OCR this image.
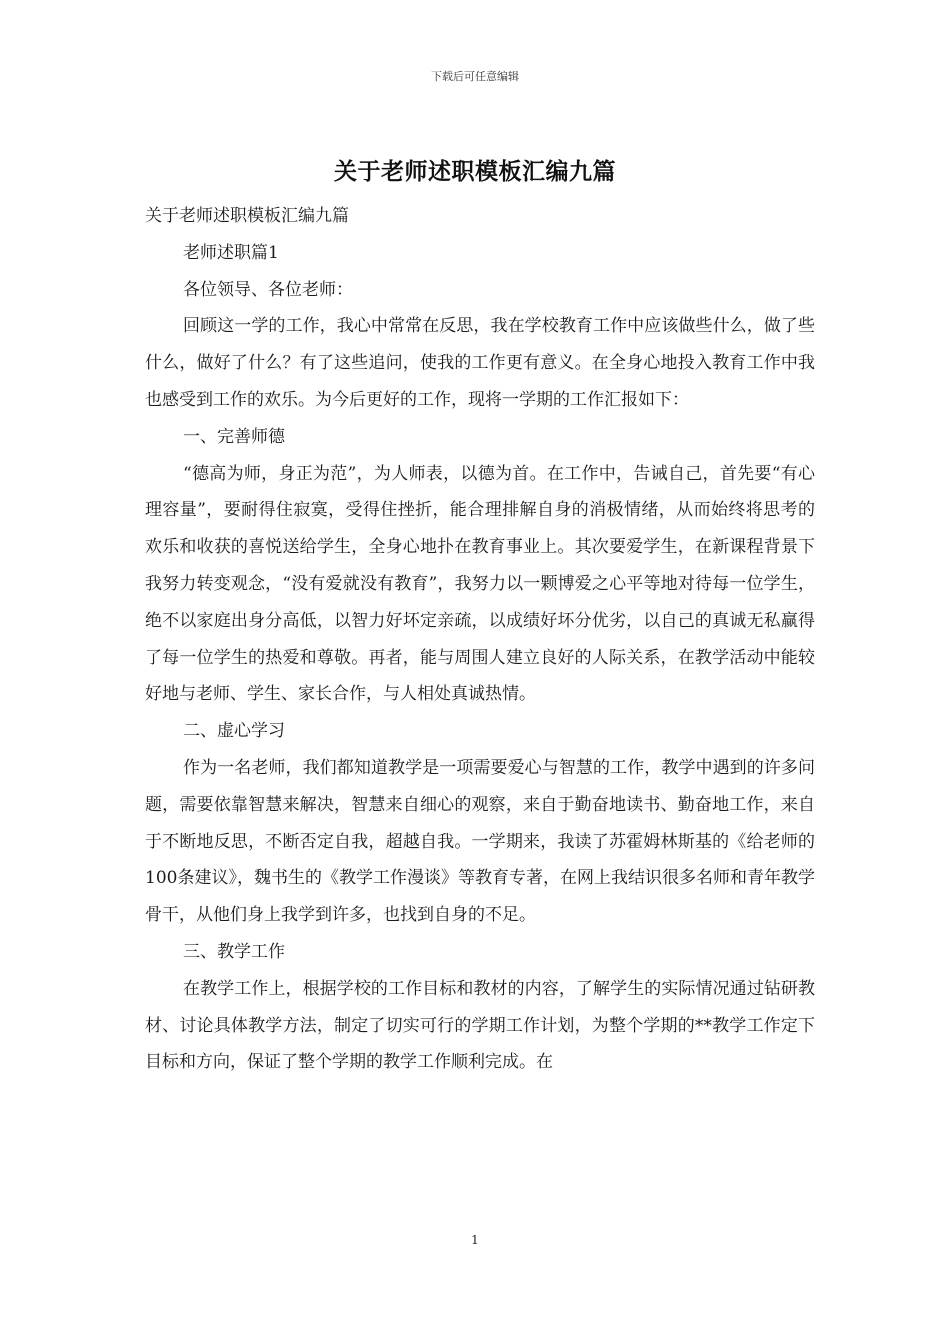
下载后可任意编辑
关于老师述职模板汇编九篇

关于老师述职模板汇编九篇

老师述职篇1

各位领导、各位老师：

回顾这一学的工作，我心中常常在反思，我在学校教育工作中应该做些什么，做了些什么，做好了什么？有了这些追问，使我的工作更有意义。在全身心地投入教育工作中我也感受到工作的欢乐。为今后更好的工作，现将一学期的工作汇报如下：

一、完善师德

“德高为师，身正为范”，为人师表，以德为首。在工作中，告诫自己，首先要“有心理容量”，要耐得住寂寞，受得住挫折，能合理排解自身的消极情绪，从而始终将思考的欢乐和收获的喜悦送给学生，全身心地扑在教育事业上。其次要爱学生，在新课程背景下我努力转变观念，“没有爱就没有教育”，我努力以一颗博爱之心平等地对待每一位学生，绝不以家庭出身分高低，以智力好坏定亲疏，以成绩好坏分优劣，以自己的真诚无私赢得了每一位学生的热爱和尊敬。再者，能与周围人建立良好的人际关系，在教学活动中能较好地与老师、学生、家长合作，与人相处真诚热情。

二、虚心学习

作为一名老师，我们都知道教学是一项需要爱心与智慧的工作，教学中遇到的许多问题，需要依靠智慧来解决，智慧来自细心的观察，来自于勤奋地读书、勤奋地工作，来自于不断地反思，不断否定自我，超越自我。一学期来，我读了苏霍姆林斯基的《给老师的100条建议》，魏书生的《教学工作漫谈》等教育专著，在网上我结识很多名师和青年教学骨干，从他们身上我学到许多，也找到自身的不足。

三、教学工作

在教学工作上，根据学校的工作目标和教材的内容，了解学生的实际情况通过钻研教材、讨论具体教学方法，制定了切实可行的学期工作计划，为整个学期的**教学工作定下目标和方向，保证了整个学期的教学工作顺利完成。在

1
